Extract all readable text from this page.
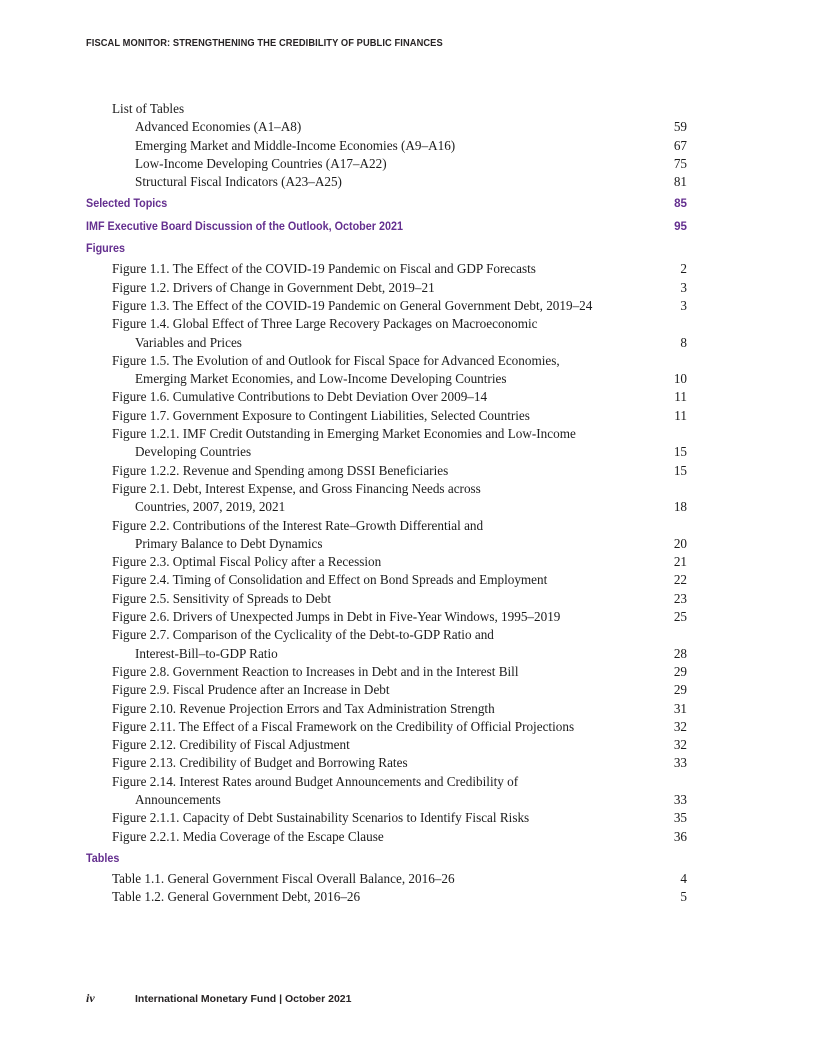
FISCAL MONITOR: STRENGTHENING THE CREDIBILITY OF PUBLIC FINANCES
List of Tables
Advanced Economies (A1–A8)	59
Emerging Market and Middle-Income Economies (A9–A16)	67
Low-Income Developing Countries (A17–A22)	75
Structural Fiscal Indicators (A23–A25)	81
Selected Topics	85
IMF Executive Board Discussion of the Outlook, October 2021	95
Figures
Figure 1.1. The Effect of the COVID-19 Pandemic on Fiscal and GDP Forecasts	2
Figure 1.2. Drivers of Change in Government Debt, 2019–21	3
Figure 1.3. The Effect of the COVID-19 Pandemic on General Government Debt, 2019–24	3
Figure 1.4. Global Effect of Three Large Recovery Packages on Macroeconomic
Variables and Prices	8
Figure 1.5. The Evolution of and Outlook for Fiscal Space for Advanced Economies,
Emerging Market Economies, and Low-Income Developing Countries	10
Figure 1.6. Cumulative Contributions to Debt Deviation Over 2009–14	11
Figure 1.7. Government Exposure to Contingent Liabilities, Selected Countries	11
Figure 1.2.1. IMF Credit Outstanding in Emerging Market Economies and Low-Income
Developing Countries	15
Figure 1.2.2. Revenue and Spending among DSSI Beneficiaries	15
Figure 2.1. Debt, Interest Expense, and Gross Financing Needs across
Countries, 2007, 2019, 2021	18
Figure 2.2. Contributions of the Interest Rate–Growth Differential and
Primary Balance to Debt Dynamics	20
Figure 2.3. Optimal Fiscal Policy after a Recession	21
Figure 2.4. Timing of Consolidation and Effect on Bond Spreads and Employment	22
Figure 2.5. Sensitivity of Spreads to Debt	23
Figure 2.6. Drivers of Unexpected Jumps in Debt in Five-Year Windows, 1995–2019	25
Figure 2.7. Comparison of the Cyclicality of the Debt-to-GDP Ratio and
Interest-Bill–to-GDP Ratio	28
Figure 2.8. Government Reaction to Increases in Debt and in the Interest Bill	29
Figure 2.9. Fiscal Prudence after an Increase in Debt	29
Figure 2.10. Revenue Projection Errors and Tax Administration Strength	31
Figure 2.11. The Effect of a Fiscal Framework on the Credibility of Official Projections	32
Figure 2.12. Credibility of Fiscal Adjustment	32
Figure 2.13. Credibility of Budget and Borrowing Rates	33
Figure 2.14. Interest Rates around Budget Announcements and Credibility of
Announcements	33
Figure 2.1.1. Capacity of Debt Sustainability Scenarios to Identify Fiscal Risks	35
Figure 2.2.1. Media Coverage of the Escape Clause	36
Tables
Table 1.1. General Government Fiscal Overall Balance, 2016–26	4
Table 1.2. General Government Debt, 2016–26	5
iv	International Monetary Fund | October 2021
